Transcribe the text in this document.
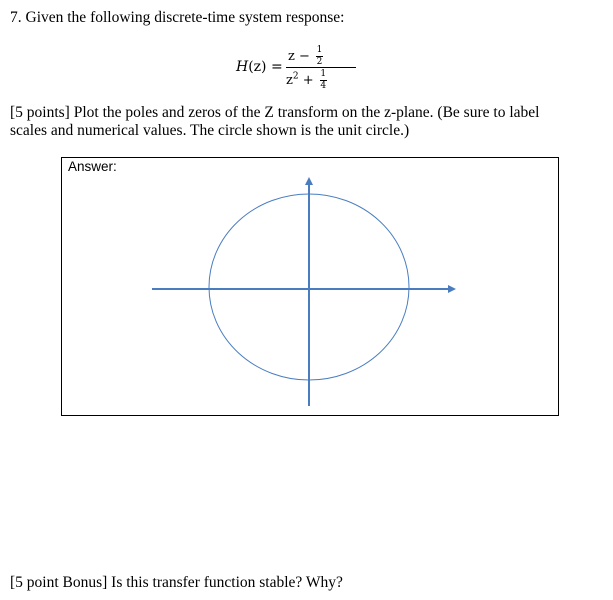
7. Given the following discrete-time system response:
H(z) =
$z - \frac{1}{2}$
$z^2 + \frac{1}{4}$
[5 points] Plot the poles and zeros of the Z transform on the z-plane. (Be sure to label scales and numerical values. The circle shown is the unit circle.)
Answer:
[5 point Bonus] Is this transfer function stable? Why?
